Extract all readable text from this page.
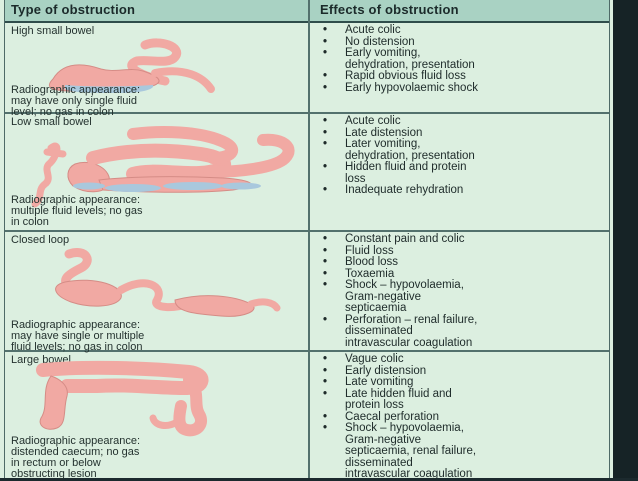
Type of obstruction	Effects of obstruction
High small bowel
Radiographic appearance:
may have only single fluid
level; no gas in colon
• Acute colic
• No distension
• Early vomiting,
dehydration, presentation
• Rapid obvious fluid loss
• Early hypovolaemic shock
Low small bowel
Radiographic appearance:
multiple fluid levels; no gas
in colon
• Acute colic
• Late distension
• Later vomiting,
dehydration, presentation
• Hidden fluid and protein
loss
• Inadequate rehydration
Closed loop
Radiographic appearance:
may have single or multiple
fluid levels; no gas in colon
• Constant pain and colic
• Fluid loss
• Blood loss
• Toxaemia
• Shock – hypovolaemia,
Gram-negative
septicaemia
• Perforation – renal failure,
disseminated
intravascular coagulation
Large bowel
Radiographic appearance:
distended caecum; no gas
in rectum or below
obstructing lesion
• Vague colic
• Early distension
• Late vomiting
• Late hidden fluid and
protein loss
• Caecal perforation
• Shock – hypovolaemia,
Gram-negative
septicaemia, renal failure,
disseminated
intravascular coagulation
